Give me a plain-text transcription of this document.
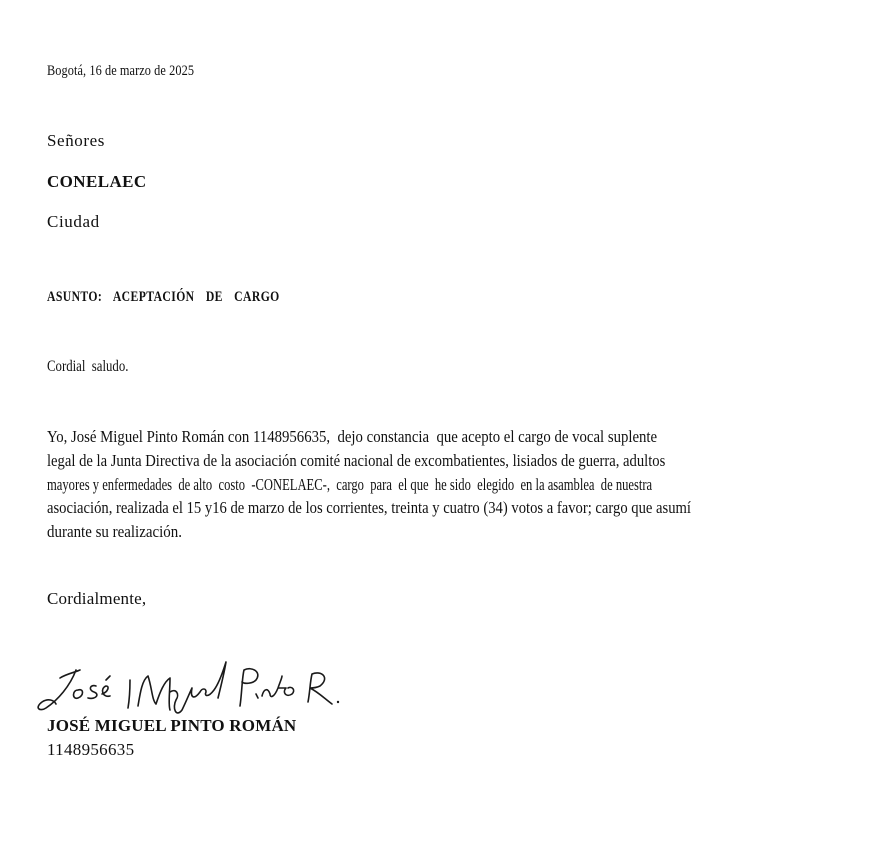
Bogotá, 16 de marzo de 2025
Señores
CONELAEC
Ciudad
ASUNTO:  ACEPTACIÓN  DE  CARGO
Cordial  saludo.
Yo, José Miguel Pinto Román con 1148956635,  dejo constancia  que acepto el cargo de vocal suplente
legal de la Junta Directiva de la asociación comité nacional de excombatientes, lisiados de guerra, adultos
mayores y enfermedades  de alto  costo  -CONELAEC-,  cargo  para  el que  he sido  elegido  en la asamblea  de nuestra
asociación, realizada el 15 y16 de marzo de los corrientes, treinta y cuatro (34) votos a favor; cargo que asumí
durante su realización.
Cordialmente,
JOSÉ MIGUEL PINTO ROMÁN
1148956635
